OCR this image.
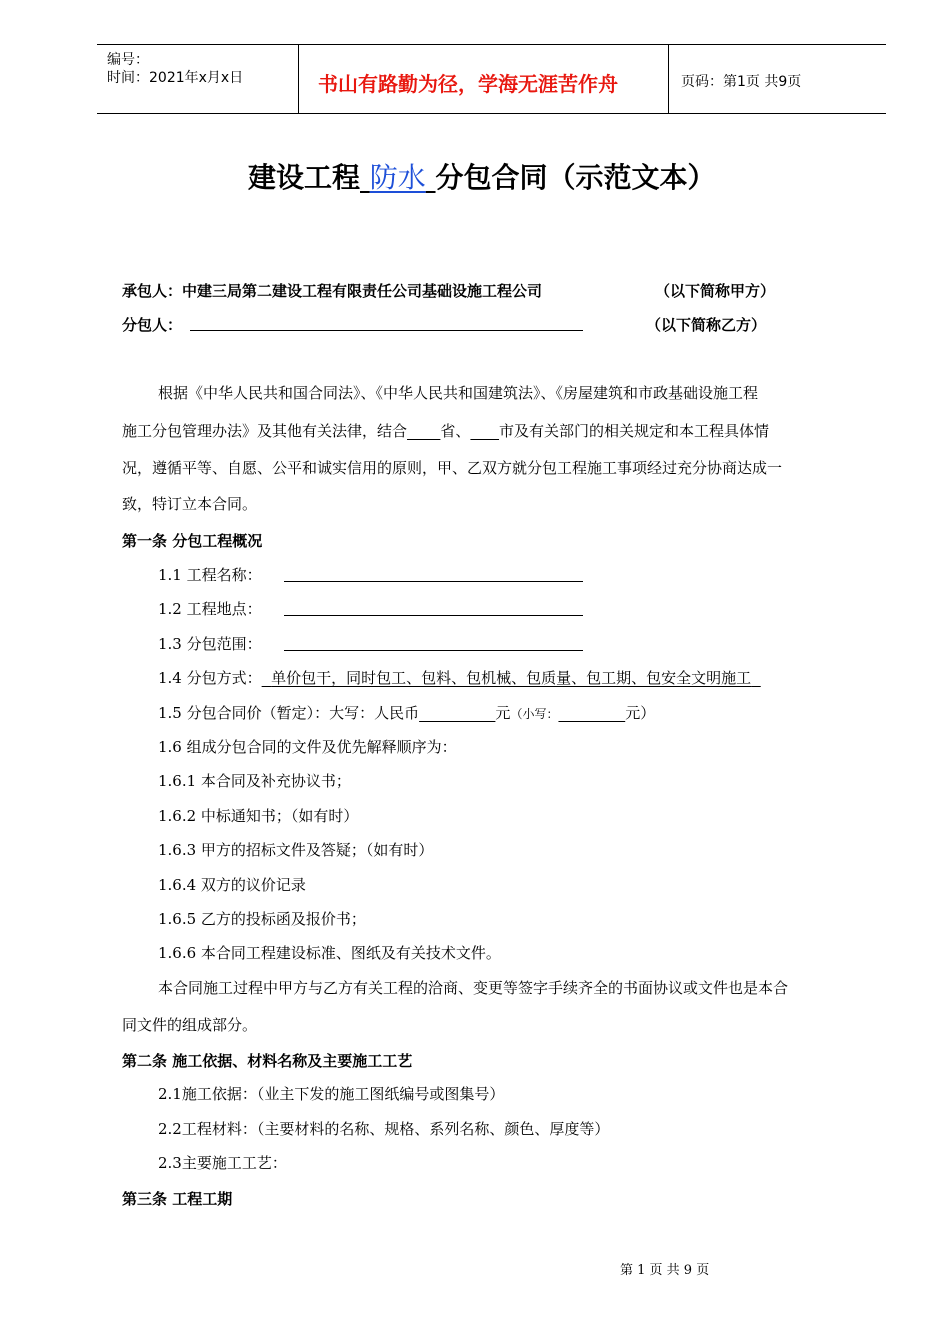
编号：
时间：2021年x月x日	书山有路勤为径，学海无涯苦作舟	页码：第1页 共9页
建设工程 防水 分包合同（示范文本）
承包人：中建三局第二建设工程有限责任公司基础设施工程公司	（以下简称甲方）
分包人：	（以下简称乙方）
根据《中华人民共和国合同法》、《中华人民共和国建筑法》、《房屋建筑和市政基础设施工程
施工分包管理办法》及其他有关法律，结合 省、 市及有关部门的相关规定和本工程具体情
况，遵循平等、自愿、公平和诚实信用的原则，甲、乙双方就分包工程施工事项经过充分协商达成一
致，特订立本合同。
第一条 分包工程概况
1.1 工程名称：
1.2 工程地点：
1.3 分包范围：
1.4 分包方式： 单价包干，同时包工、包料、包机械、包质量、包工期、包安全文明施工
1.5 分包合同价（暂定）：大写：人民币	元（小写：	元）
1.6 组成分包合同的文件及优先解释顺序为：
1.6.1 本合同及补充协议书；
1.6.2 中标通知书；（如有时）
1.6.3 甲方的招标文件及答疑；（如有时）
1.6.4 双方的议价记录
1.6.5 乙方的投标函及报价书；
1.6.6 本合同工程建设标准、图纸及有关技术文件。
本合同施工过程中甲方与乙方有关工程的洽商、变更等签字手续齐全的书面协议或文件也是本合
同文件的组成部分。
第二条 施工依据、材料名称及主要施工工艺
2.1施工依据：（业主下发的施工图纸编号或图集号）
2.2工程材料：（主要材料的名称、规格、系列名称、颜色、厚度等）
2.3主要施工工艺：
第三条 工程工期
第 1 页 共 9 页
